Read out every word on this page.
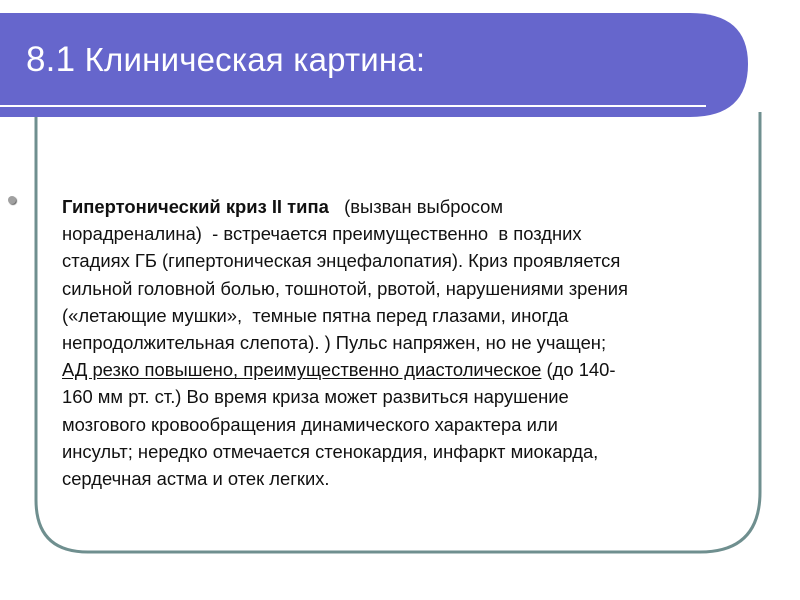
8.1 Клиническая картина:
Гипертонический криз II типа   (вызван выбросом
норадреналина)  - встречается преимущественно  в поздних
стадиях ГБ (гипертоническая энцефалопатия). Криз проявляется
сильной головной болью, тошнотой, рвотой, нарушениями зрения
(«летающие мушки»,  темные пятна перед глазами, иногда
непродолжительная слепота). ) Пульс напряжен, но не учащен;
АД резко повышено, преимущественно диастолическое (до 140-
160 мм рт. ст.) Во время криза может развиться нарушение
мозгового кровообращения динамического характера или
инсульт; нередко отмечается стенокардия, инфаркт миокарда,
сердечная астма и отек легких.
